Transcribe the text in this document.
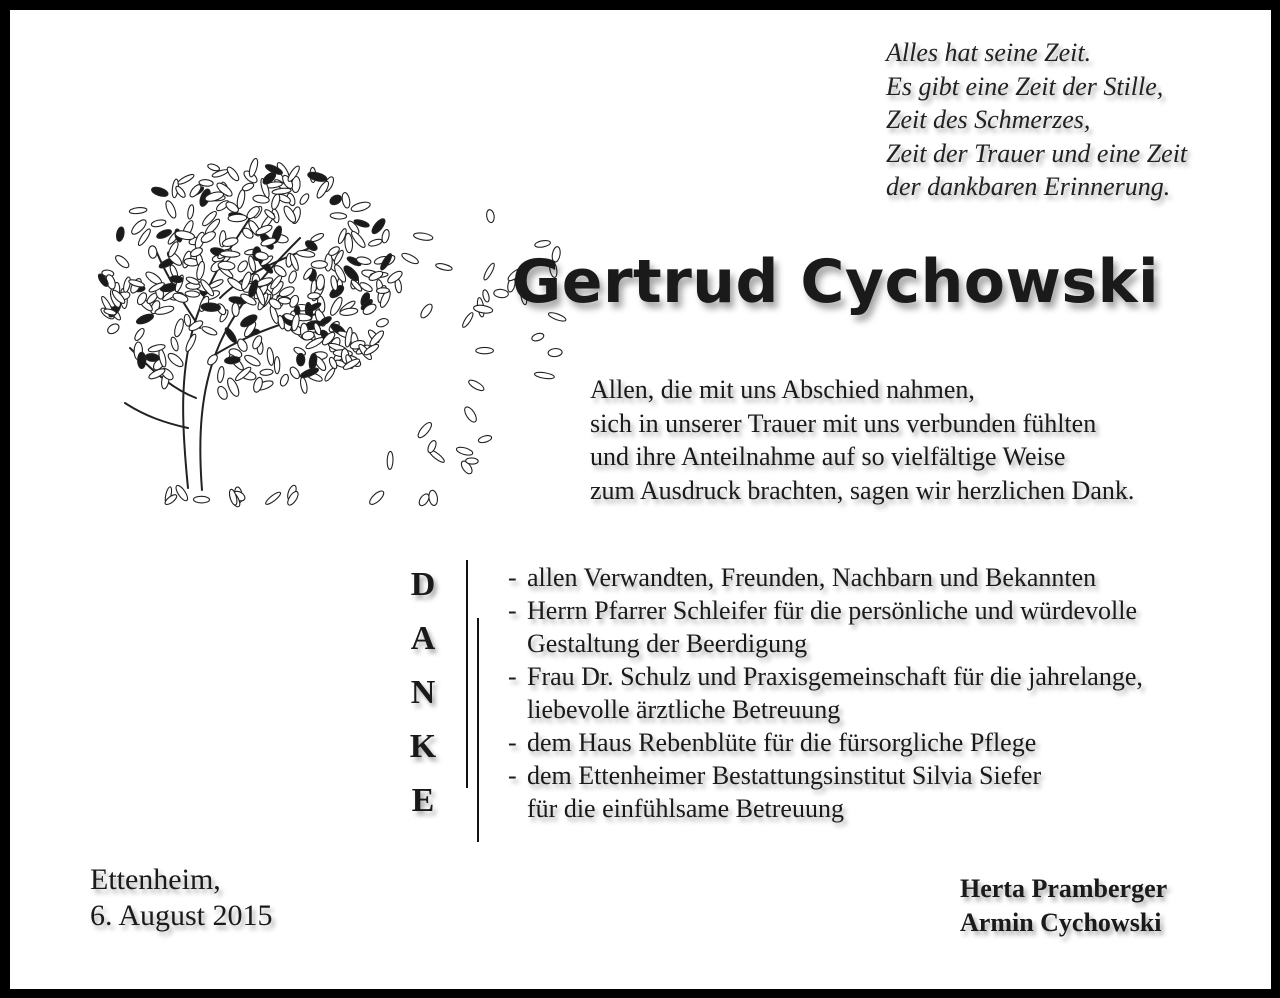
Alles hat seine Zeit.
Es gibt eine Zeit der Stille,
Zeit des Schmerzes,
Zeit der Trauer und eine Zeit
der dankbaren Erinnerung.
Gertrud Cychowski
Allen, die mit uns Abschied nahmen,
sich in unserer Trauer mit uns verbunden fühlten
und ihre Anteilnahme auf so vielfältige Weise
zum Ausdruck brachten, sagen wir herzlichen Dank.
D
A
N
K
E
- allen Verwandten, Freunden, Nachbarn und Bekannten
- Herrn Pfarrer Schleifer für die persönliche und würdevolle
Gestaltung der Beerdigung
- Frau Dr. Schulz und Praxisgemeinschaft für die jahrelange,
liebevolle ärztliche Betreuung
- dem Haus Rebenblüte für die fürsorgliche Pflege
- dem Ettenheimer Bestattungsinstitut Silvia Siefer
für die einfühlsame Betreuung
Ettenheim,
6. August 2015
Herta Pramberger
Armin Cychowski
